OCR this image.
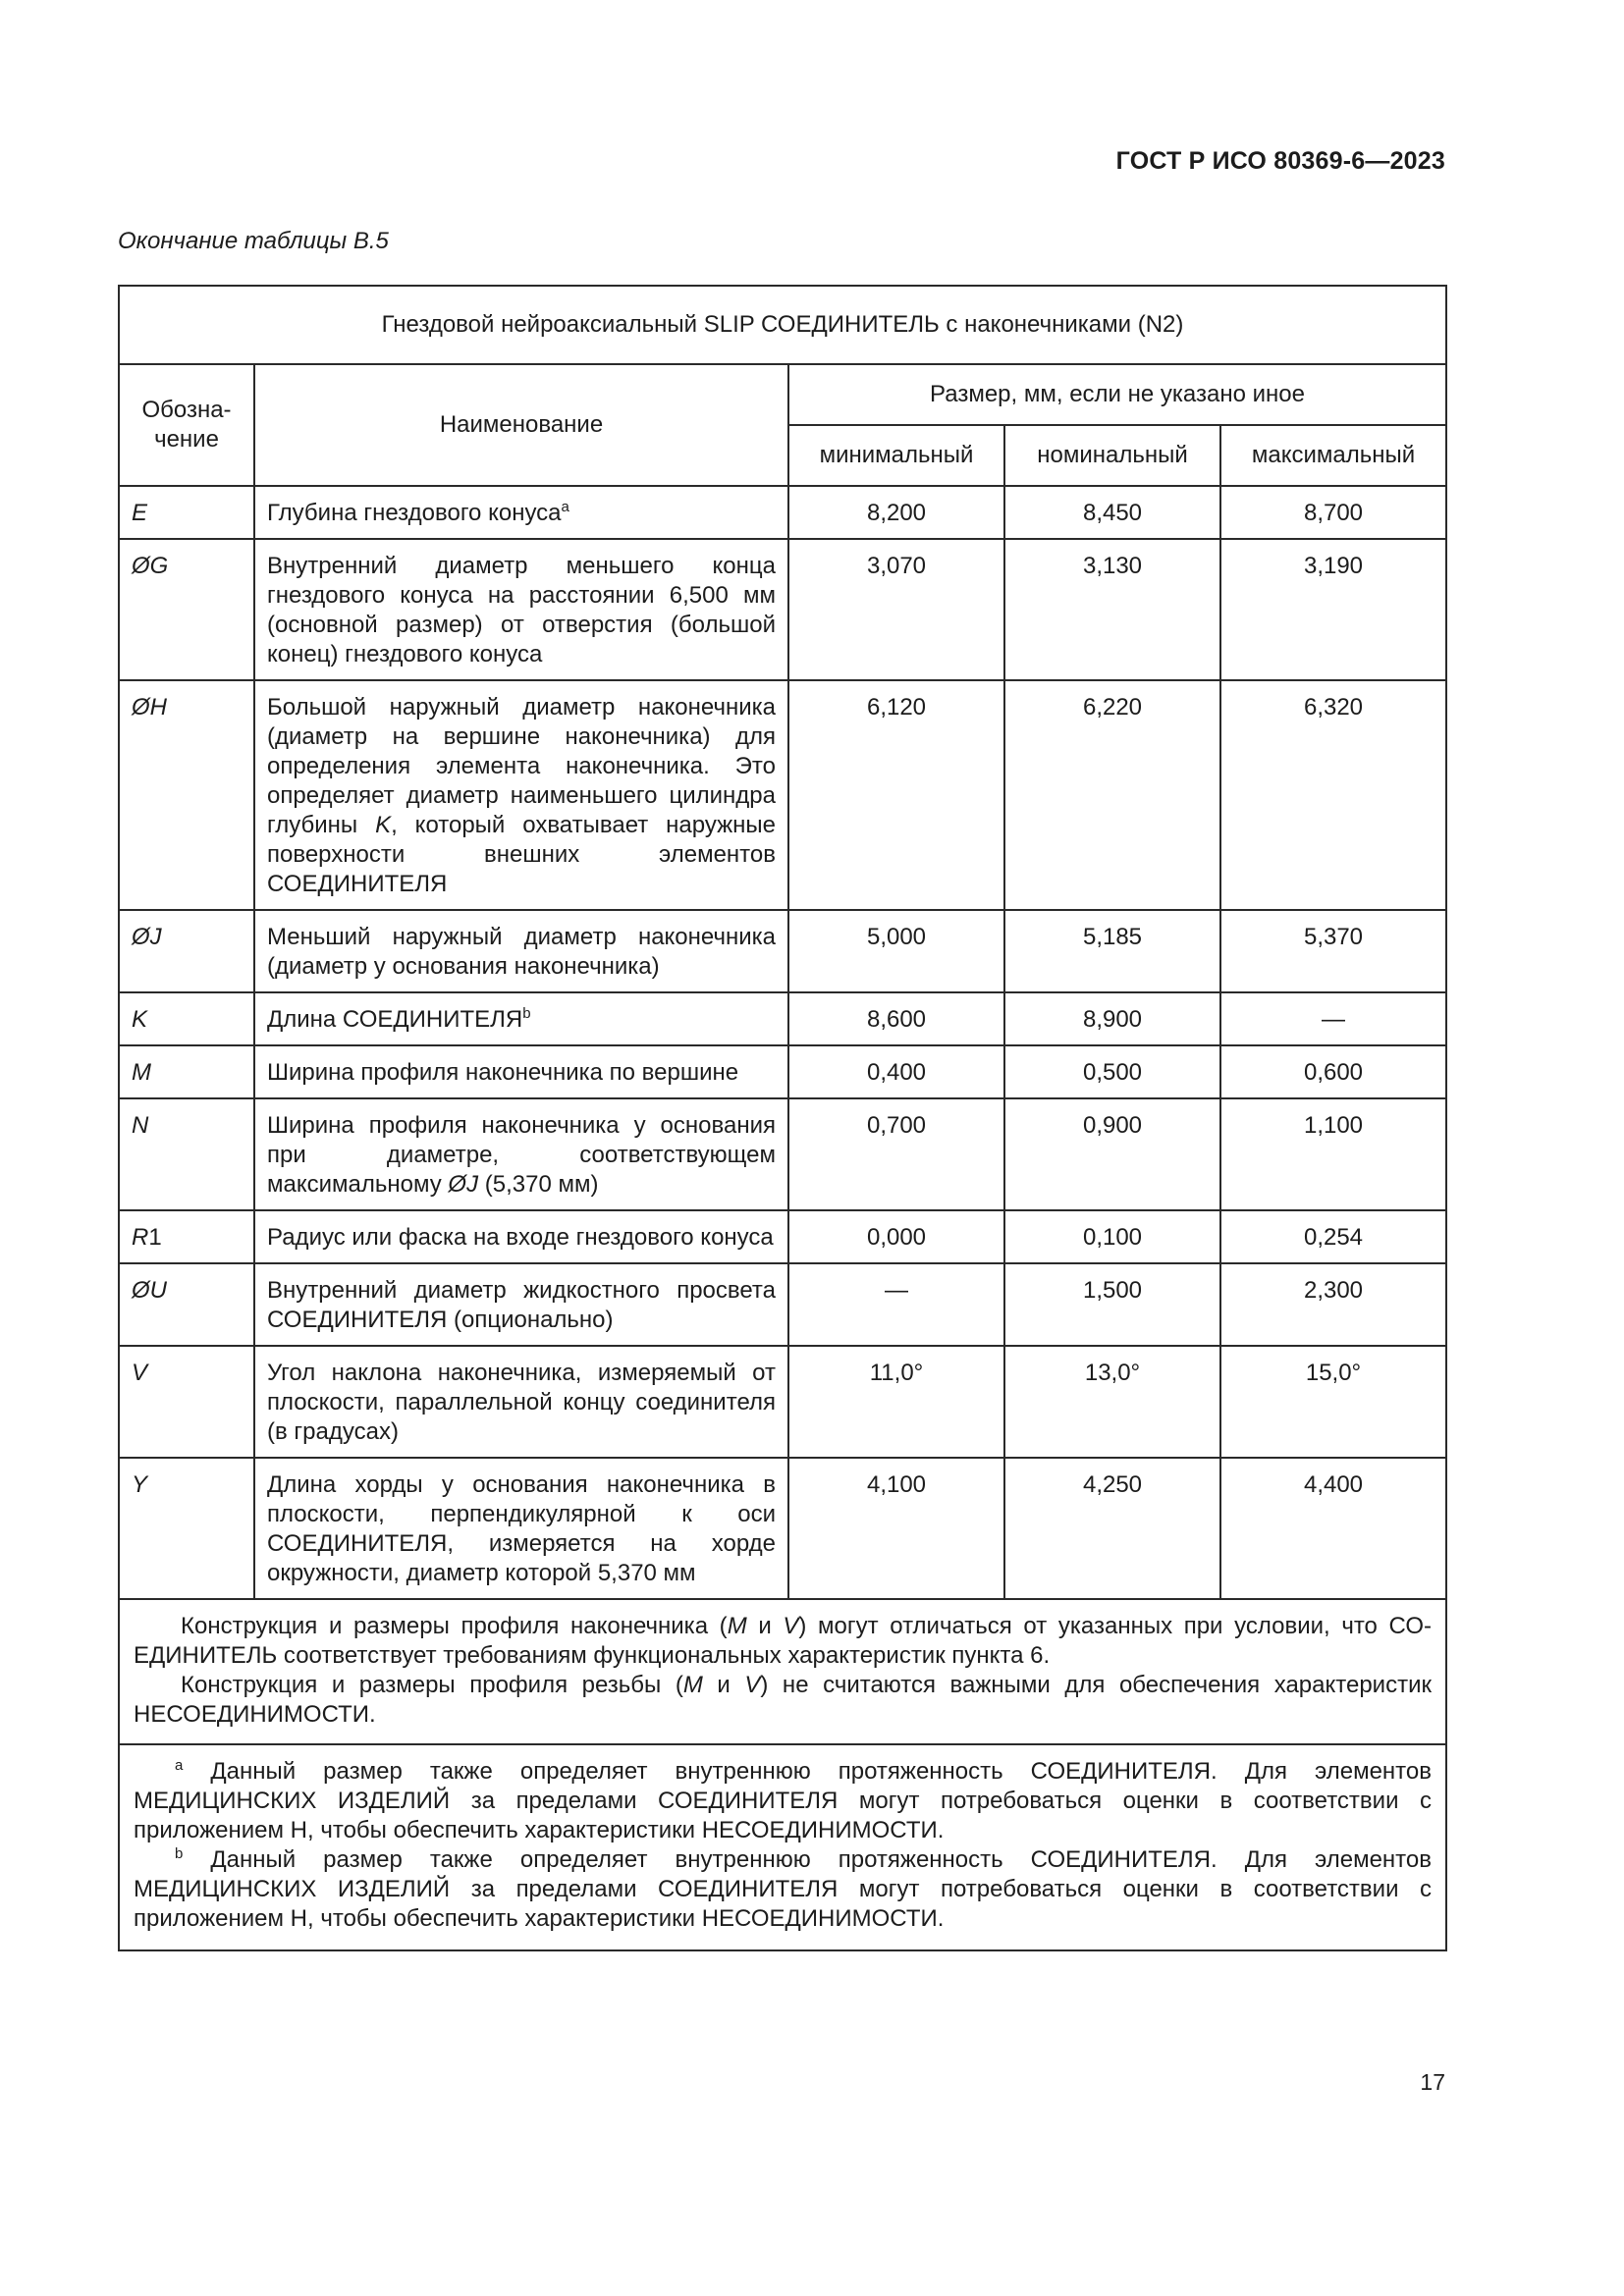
ГОСТ Р ИСО 80369-6—2023
Окончание таблицы В.5
Гнездовой нейроаксиальный SLIP СОЕДИНИТЕЛЬ с наконечниками (N2)				
Обозна-чение	Наименование	Размер, мм, если не указано иное		
		минимальный	номинальный	максимальный
E	Глубина гнездового конуса$^a$	8,200	8,450	8,700
ØG	Внутренний диаметр меньшего конца гнездового конуса на расстоянии 6,500 мм (основной размер) от отверстия (большой конец) гнездового конуса	3,070	3,130	3,190
ØH	Большой наружный диаметр наконечника (диаметр на вершине наконечника) для определения элемента наконечника. Это определяет диаметр наименьшего цилиндра глубины K, который охватывает наружные поверхности внешних элементов СОЕДИНИТЕЛЯ	6,120	6,220	6,320
ØJ	Меньший наружный диаметр наконечника (диаметр у основания наконечника)	5,000	5,185	5,370
K	Длина СОЕДИНИТЕЛЯ$^b$	8,600	8,900	—
M	Ширина профиля наконечника по вершине	0,400	0,500	0,600
N	Ширина профиля наконечника у основания при диаметре, соответствующем максимальному ØJ (5,370 мм)	0,700	0,900	1,100
R1	Радиус или фаска на входе гнездового конуса	0,000	0,100	0,254
ØU	Внутренний диаметр жидкостного просвета СОЕДИНИТЕЛЯ (опционально)	—	1,500	2,300
V	Угол наклона наконечника, измеряемый от плоскости, параллельной концу соединителя (в градусах)	11,0°	13,0°	15,0°
Y	Длина хорды у основания наконечника в плоскости, перпендикулярной к оси СОЕДИНИТЕЛЯ, измеряется на хорде окружности, диаметр которой 5,370 мм	4,100	4,250	4,400

Конструкция и размеры профиля наконечника (M и V) могут отличаться от указанных при условии, что СО-ЕДИНИТЕЛЬ соответствует требованиям функциональных характеристик пункта 6.

Конструкция и размеры профиля резьбы (M и V) не считаются важными для обеспечения характеристик НЕСОЕДИНИМОСТИ.				

$^a$ Данный размер также определяет внутреннюю протяженность СОЕДИНИТЕЛЯ. Для элементов МЕДИЦИНСКИХ ИЗДЕЛИЙ за пределами СОЕДИНИТЕЛЯ могут потребоваться оценки в соответствии с приложением H, чтобы обеспечить характеристики НЕСОЕДИНИМОСТИ.

$^b$ Данный размер также определяет внутреннюю протяженность СОЕДИНИТЕЛЯ. Для элементов МЕДИЦИНСКИХ ИЗДЕЛИЙ за пределами СОЕДИНИТЕЛЯ могут потребоваться оценки в соответствии с приложением H, чтобы обеспечить характеристики НЕСОЕДИНИМОСТИ.				

17
